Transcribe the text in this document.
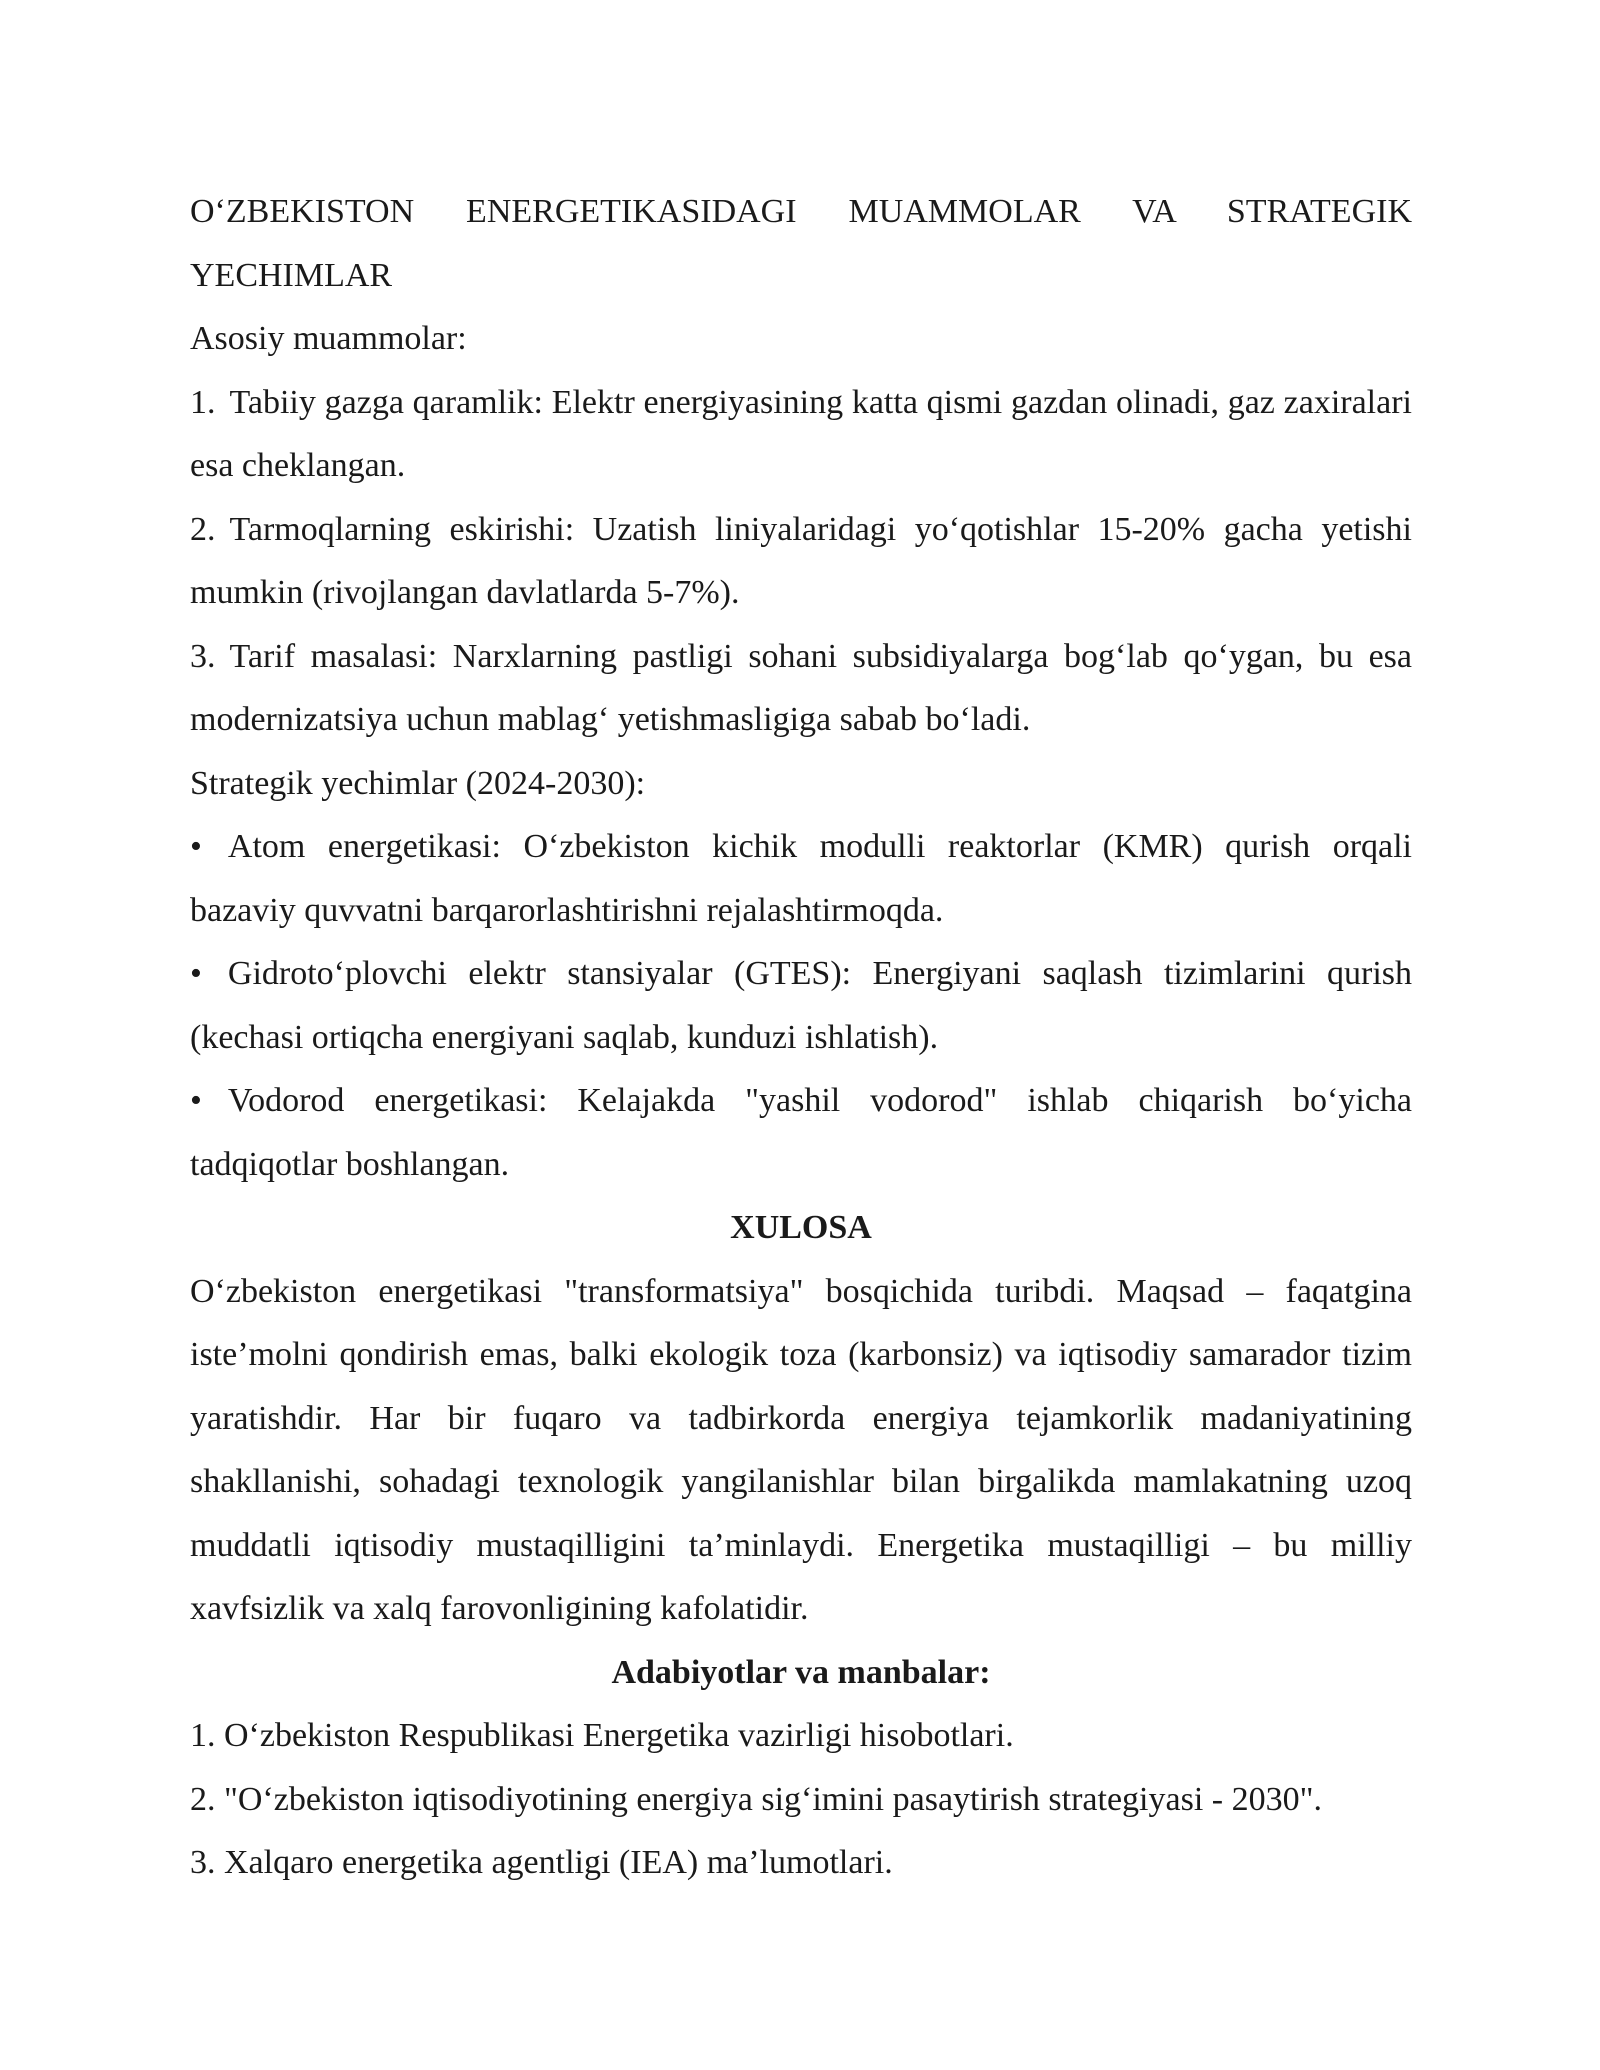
O‘ZBEKISTON ENERGETIKASIDAGI MUAMMOLAR VA STRATEGIK YECHIMLAR

Asosiy muammolar:

1. Tabiiy gazga qaramlik: Elektr energiyasining katta qismi gazdan olinadi, gaz zaxiralari esa cheklangan.

2. Tarmoqlarning eskirishi: Uzatish liniyalaridagi yo‘qotishlar 15-20% gacha yetishi mumkin (rivojlangan davlatlarda 5-7%).

3. Tarif masalasi: Narxlarning pastligi sohani subsidiyalarga bog‘lab qo‘ygan, bu esa modernizatsiya uchun mablag‘ yetishmasligiga sabab bo‘ladi.

Strategik yechimlar (2024-2030):

• Atom energetikasi: O‘zbekiston kichik modulli reaktorlar (KMR) qurish orqali bazaviy quvvatni barqarorlashtirishni rejalashtirmoqda.

• Gidroto‘plovchi elektr stansiyalar (GTES): Energiyani saqlash tizimlarini qurish (kechasi ortiqcha energiyani saqlab, kunduzi ishlatish).

• Vodorod energetikasi: Kelajakda "yashil vodorod" ishlab chiqarish bo‘yicha tadqiqotlar boshlangan.

XULOSA

O‘zbekiston energetikasi "transformatsiya" bosqichida turibdi. Maqsad – faqatgina iste’molni qondirish emas, balki ekologik toza (karbonsiz) va iqtisodiy samarador tizim yaratishdir. Har bir fuqaro va tadbirkorda energiya tejamkorlik madaniyatining shakllanishi, sohadagi texnologik yangilanishlar bilan birgalikda mamlakatning uzoq muddatli iqtisodiy mustaqilligini ta’minlaydi. Energetika mustaqilligi – bu milliy xavfsizlik va xalq farovonligining kafolatidir.

Adabiyotlar va manbalar:

1. O‘zbekiston Respublikasi Energetika vazirligi hisobotlari.

2. "O‘zbekiston iqtisodiyotining energiya sig‘imini pasaytirish strategiyasi - 2030".

3. Xalqaro energetika agentligi (IEA) ma’lumotlari.
